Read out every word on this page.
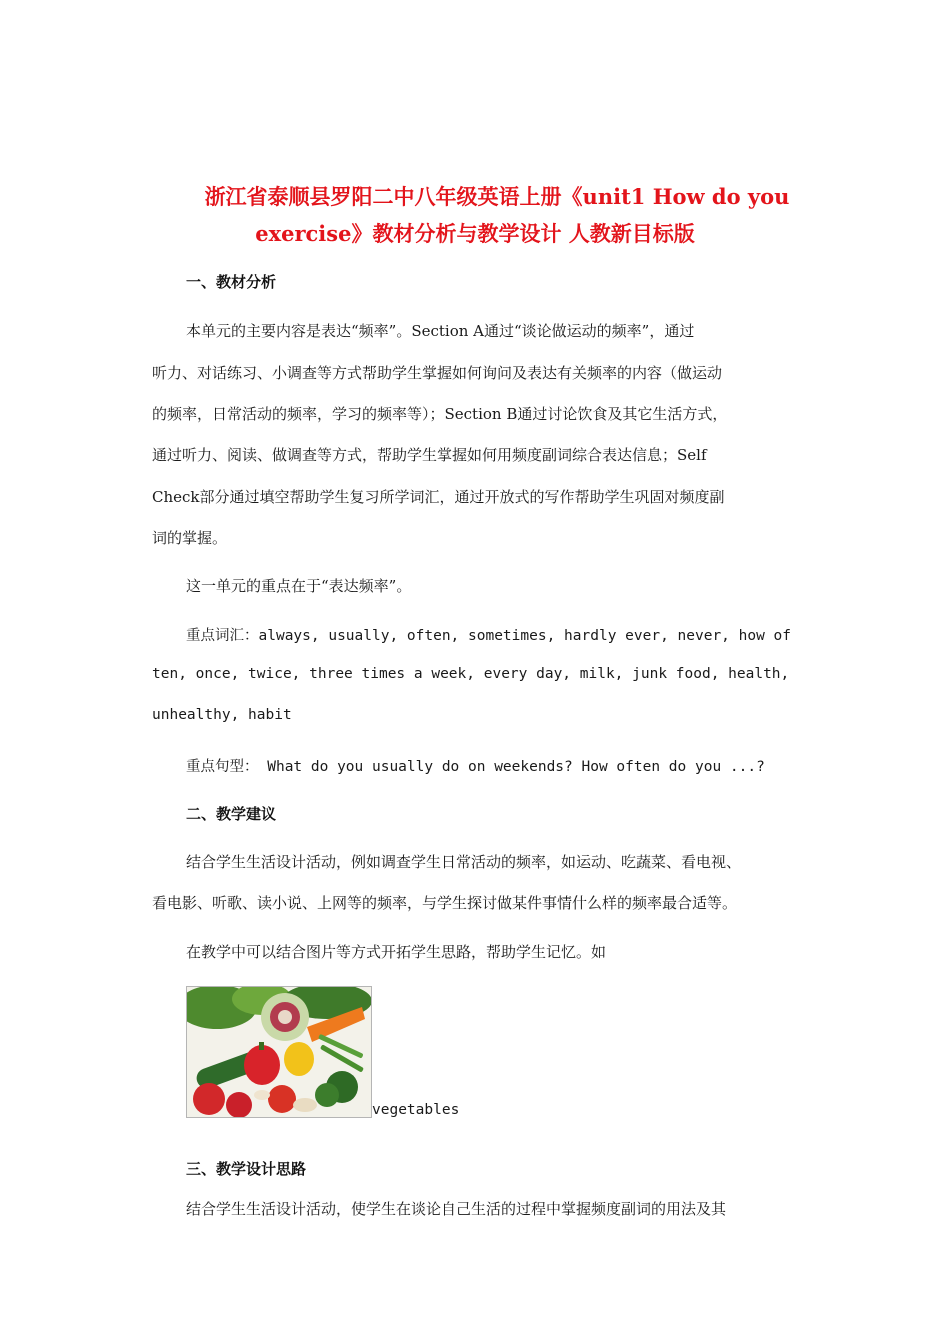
浙江省泰顺县罗阳二中八年级英语上册《unit1 How do you
exercise》教材分析与教学设计 人教新目标版
一、教材分析
本单元的主要内容是表达“频率”。Section A通过“谈论做运动的频率”，通过
听力、对话练习、小调查等方式帮助学生掌握如何询问及表达有关频率的内容（做运动
的频率，日常活动的频率，学习的频率等）；Section B通过讨论饮食及其它生活方式，
通过听力、阅读、做调查等方式，帮助学生掌握如何用频度副词综合表达信息；Self
Check部分通过填空帮助学生复习所学词汇，通过开放式的写作帮助学生巩固对频度副
词的掌握。
这一单元的重点在于“表达频率”。
重点词汇：always, usually, often, sometimes, hardly ever, never, how of
ten, once, twice, three times a week, every day, milk, junk food, health,
unhealthy, habit
重点句型： What do you usually do on weekends? How often do you ...?
二、教学建议
结合学生生活设计活动，例如调查学生日常活动的频率，如运动、吃蔬菜、看电视、
看电影、听歌、读小说、上网等的频率，与学生探讨做某件事情什么样的频率最合适等。
在教学中可以结合图片等方式开拓学生思路，帮助学生记忆。如
vegetables
三、教学设计思路
结合学生生活设计活动，使学生在谈论自己生活的过程中掌握频度副词的用法及其
